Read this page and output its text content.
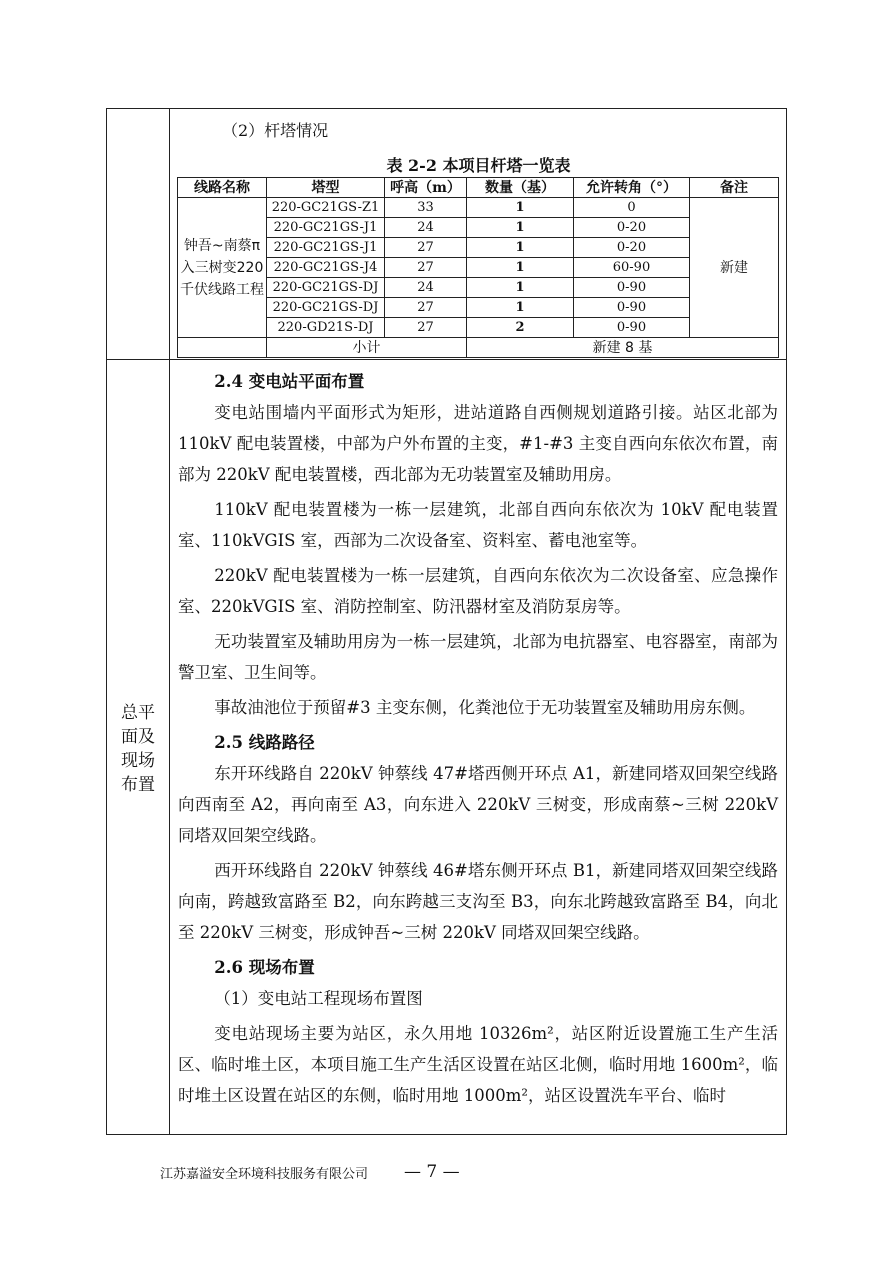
总平面及现场布置
（2）杆塔情况
表 2-2 本项目杆塔一览表
线路名称	塔型	呼高（m）	数量（基）	允许转角（°）	备注
钟吾~南蔡π入三树变220千伏线路工程	220-GC21GS-Z1	33	1	0	新建
	220-GC21GS-J1	24	1	0-20	
	220-GC21GS-J1	27	1	0-20	
	220-GC21GS-J4	27	1	60-90	
	220-GC21GS-DJ	24	1	0-90	
	220-GC21GS-DJ	27	1	0-90	
	220-GD21S-DJ	27	2	0-90	
	小计		新建 8 基		
2.4 变电站平面布置

变电站围墙内平面形式为矩形，进站道路自西侧规划道路引接。站区北部为 110kV 配电装置楼，中部为户外布置的主变，#1-#3 主变自西向东依次布置，南部为 220kV 配电装置楼，西北部为无功装置室及辅助用房。

110kV 配电装置楼为一栋一层建筑，北部自西向东依次为 10kV 配电装置室、110kVGIS 室，西部为二次设备室、资料室、蓄电池室等。

220kV 配电装置楼为一栋一层建筑，自西向东依次为二次设备室、应急操作室、220kVGIS 室、消防控制室、防汛器材室及消防泵房等。

无功装置室及辅助用房为一栋一层建筑，北部为电抗器室、电容器室，南部为警卫室、卫生间等。

事故油池位于预留#3 主变东侧，化粪池位于无功装置室及辅助用房东侧。

2.5 线路路径

东开环线路自 220kV 钟蔡线 47#塔西侧开环点 A1，新建同塔双回架空线路向西南至 A2，再向南至 A3，向东进入 220kV 三树变，形成南蔡~三树 220kV 同塔双回架空线路。

西开环线路自 220kV 钟蔡线 46#塔东侧开环点 B1，新建同塔双回架空线路向南，跨越致富路至 B2，向东跨越三支沟至 B3，向东北跨越致富路至 B4，向北至 220kV 三树变，形成钟吾~三树 220kV 同塔双回架空线路。

2.6 现场布置

（1）变电站工程现场布置图

变电站现场主要为站区，永久用地 10326m²，站区附近设置施工生产生活区、临时堆土区，本项目施工生产生活区设置在站区北侧，临时用地 1600m²，临时堆土区设置在站区的东侧，临时用地 1000m²，站区设置洗车平台、临时

江苏嘉溢安全环境科技服务有限公司 — 7 —
